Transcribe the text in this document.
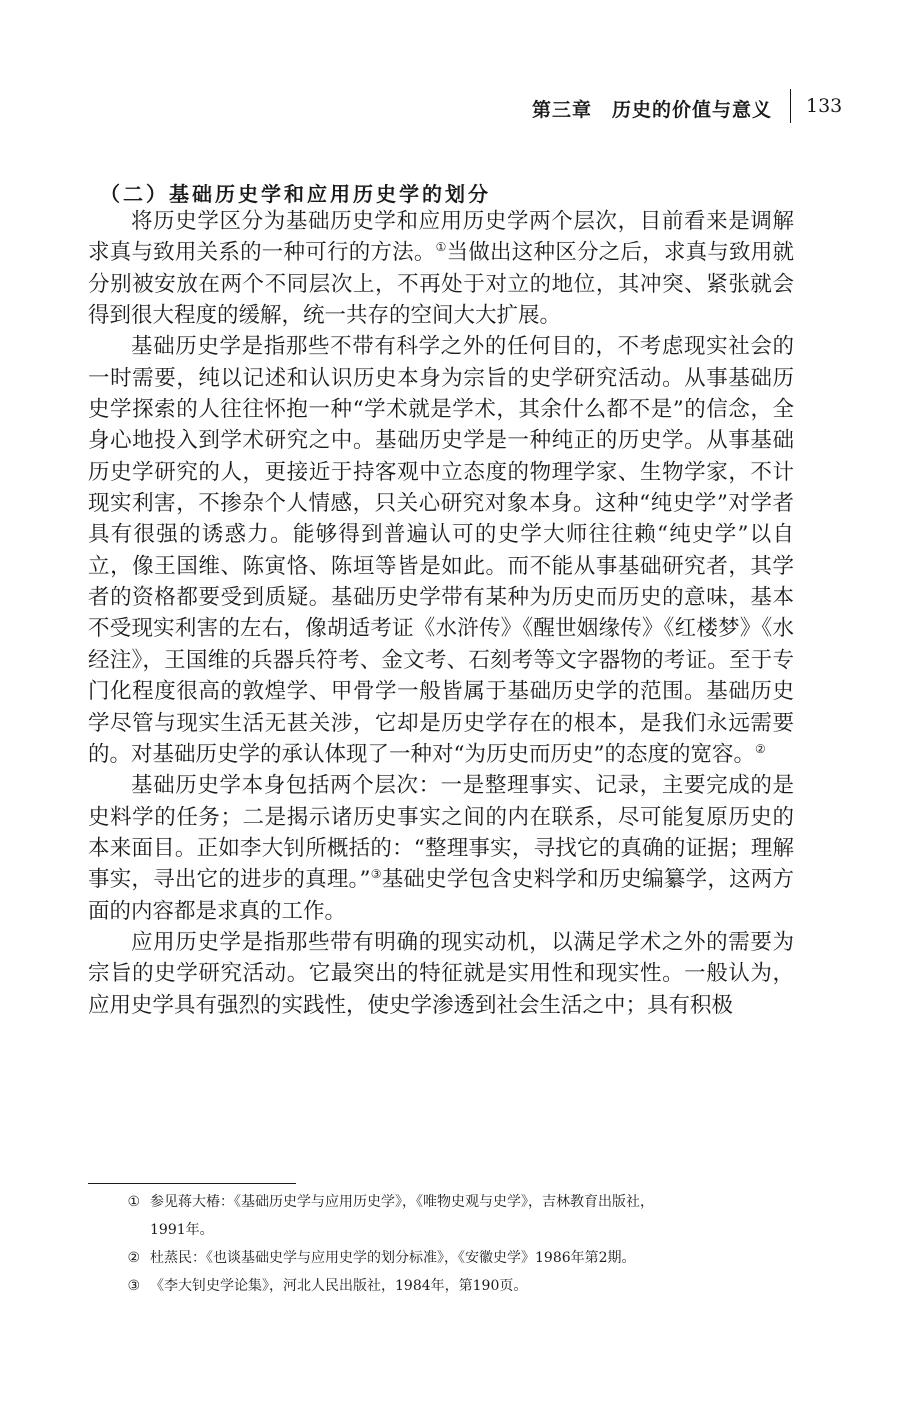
第三章　历史的价值与意义 133
（二）基础历史学和应用历史学的划分

将历史学区分为基础历史学和应用历史学两个层次，目前看来是调解求真与致用关系的一种可行的方法。①当做出这种区分之后，求真与致用就分别被安放在两个不同层次上，不再处于对立的地位，其冲突、紧张就会得到很大程度的缓解，统一共存的空间大大扩展。

基础历史学是指那些不带有科学之外的任何目的，不考虑现实社会的一时需要，纯以记述和认识历史本身为宗旨的史学研究活动。从事基础历史学探索的人往往怀抱一种“学术就是学术，其余什么都不是”的信念，全身心地投入到学术研究之中。基础历史学是一种纯正的历史学。从事基础历史学研究的人，更接近于持客观中立态度的物理学家、生物学家，不计现实利害，不掺杂个人情感，只关心研究对象本身。这种“纯史学”对学者具有很强的诱惑力。能够得到普遍认可的史学大师往往赖“纯史学”以自立，像王国维、陈寅恪、陈垣等皆是如此。而不能从事基础研究者，其学者的资格都要受到质疑。基础历史学带有某种为历史而历史的意味，基本不受现实利害的左右，像胡适考证《水浒传》《醒世姻缘传》《红楼梦》《水经注》，王国维的兵器兵符考、金文考、石刻考等文字器物的考证。至于专门化程度很高的敦煌学、甲骨学一般皆属于基础历史学的范围。基础历史学尽管与现实生活无甚关涉，它却是历史学存在的根本，是我们永远需要的。对基础历史学的承认体现了一种对“为历史而历史”的态度的宽容。②

基础历史学本身包括两个层次：一是整理事实、记录，主要完成的是史料学的任务；二是揭示诸历史事实之间的内在联系，尽可能复原历史的本来面目。正如李大钊所概括的：“整理事实，寻找它的真确的证据；理解事实，寻出它的进步的真理。”③基础史学包含史料学和历史编纂学，这两方面的内容都是求真的工作。

应用历史学是指那些带有明确的现实动机，以满足学术之外的需要为宗旨的史学研究活动。它最突出的特征就是实用性和现实性。一般认为，应用史学具有强烈的实践性，使史学渗透到社会生活之中；具有积极

① 参见蒋大椿：《基础历史学与应用历史学》，《唯物史观与史学》，吉林教育出版社，
1991年。
② 杜蒸民：《也谈基础史学与应用史学的划分标准》，《安徽史学》1986年第2期。
③ 《李大钊史学论集》，河北人民出版社，1984年，第190页。
